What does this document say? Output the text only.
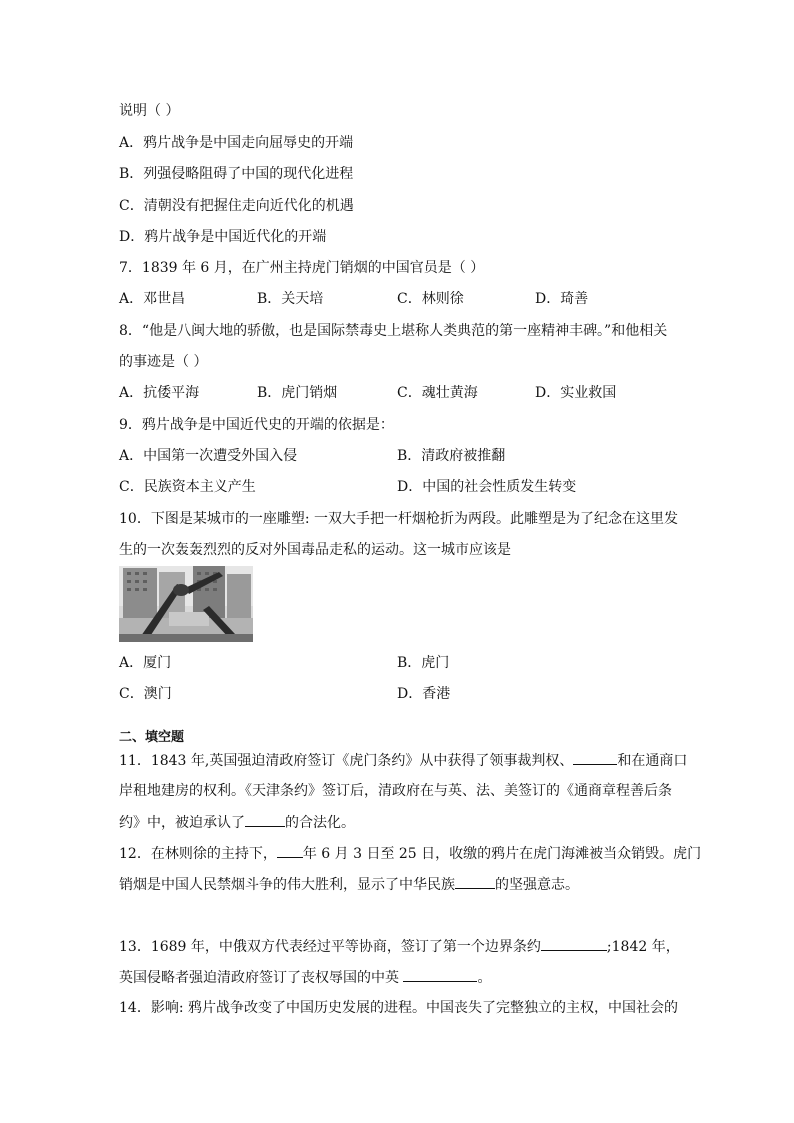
说明（ ）
A．鸦片战争是中国走向屈辱史的开端
B．列强侵略阻碍了中国的现代化进程
C．清朝没有把握住走向近代化的机遇
D．鸦片战争是中国近代化的开端
7．1839 年 6 月，在广州主持虎门销烟的中国官员是（ ）
A．邓世昌	B．关天培	C．林则徐	D．琦善
8．“他是八闽大地的骄傲，也是国际禁毒史上堪称人类典范的第一座精神丰碑。”和他相关
的事迹是（ ）
A．抗倭平海	B．虎门销烟	C．魂壮黄海	D．实业救国
9．鸦片战争是中国近代史的开端的依据是：
A．中国第一次遭受外国入侵	B．清政府被推翻
C．民族资本主义产生	D．中国的社会性质发生转变
10．下图是某城市的一座雕塑: 一双大手把一杆烟枪折为两段。此雕塑是为了纪念在这里发
生的一次轰轰烈烈的反对外国毒品走私的运动。这一城市应该是
A．厦门	B．虎门
C．澳门	D．香港
二、填空题
11．1843 年,英国强迫清政府签订《虎门条约》从中获得了领事裁判权、	和在通商口
岸租地建房的权利。《天津条约》签订后，清政府在与英、法、美签订的《通商章程善后条
约》中，被迫承认了	的合法化。
12．在林则徐的主持下， 年 6 月 3 日至 25 日，收缴的鸦片在虎门海滩被当众销毁。虎门
销烟是中国人民禁烟斗争的伟大胜利，显示了中华民族	的坚强意志。
13．1689 年，中俄双方代表经过平等协商，签订了第一个边界条约	;1842 年，
英国侵略者强迫清政府签订了丧权辱国的中英	。
14．影响: 鸦片战争改变了中国历史发展的进程。中国丧失了完整独立的主权，中国社会的
